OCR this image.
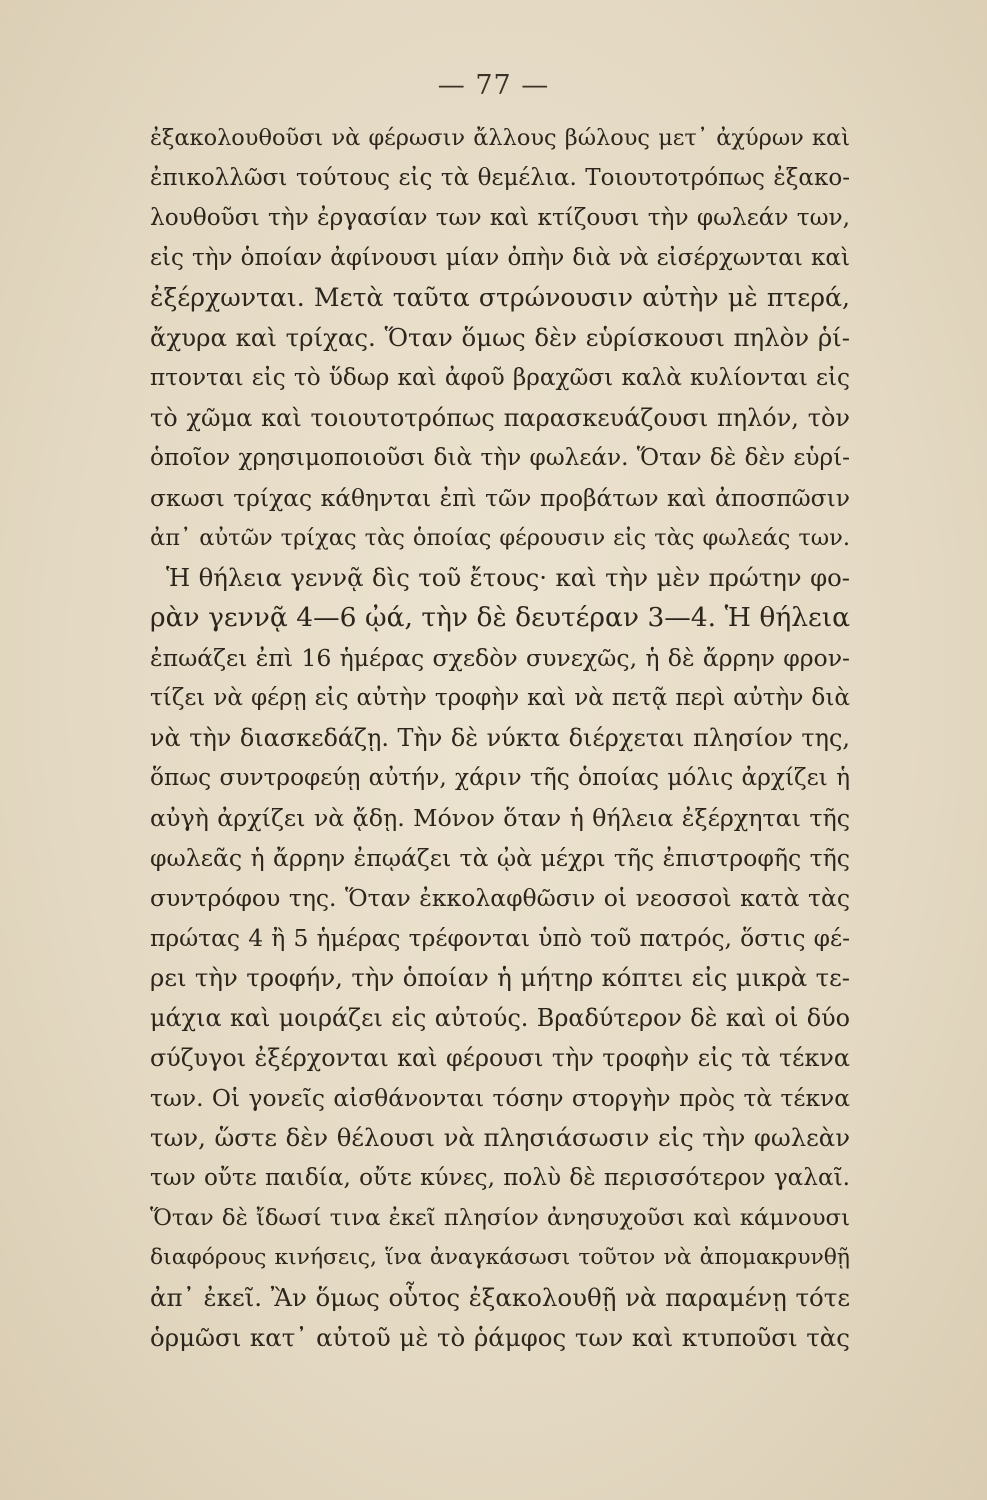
— 77 —
ἐξακολουθοῦσι νὰ φέρωσιν ἄλλους βώλους μετ᾽ ἀχύρων καὶ
ἐπικολλῶσι τούτους εἰς τὰ θεμέλια. Τοιουτοτρόπως ἐξακο-
λουθοῦσι τὴν ἐργασίαν των καὶ κτίζουσι τὴν φωλεάν των,
εἰς τὴν ὁποίαν ἀφίνουσι μίαν ὀπὴν διὰ νὰ εἰσέρχωνται καὶ
ἐξέρχωνται. Μετὰ ταῦτα στρώνουσιν αὐτὴν μὲ πτερά,
ἄχυρα καὶ τρίχας. Ὅταν ὅμως δὲν εὑρίσκουσι πηλὸν ῥί-
πτονται εἰς τὸ ὕδωρ καὶ ἀφοῦ βραχῶσι καλὰ κυλίονται εἰς
τὸ χῶμα καὶ τοιουτοτρόπως παρασκευάζουσι πηλόν, τὸν
ὁποῖον χρησιμοποιοῦσι διὰ τὴν φωλεάν. Ὅταν δὲ δὲν εὑρί-
σκωσι τρίχας κάθηνται ἐπὶ τῶν προβάτων καὶ ἀποσπῶσιν
ἀπ᾽ αὐτῶν τρίχας τὰς ὁποίας φέρουσιν εἰς τὰς φωλεάς των.
Ἡ θήλεια γεννᾷ δὶς τοῦ ἔτους· καὶ τὴν μὲν πρώτην φο-
ρὰν γεννᾷ 4—6 ᾠά, τὴν δὲ δευτέραν 3—4. Ἡ θήλεια
ἐπωάζει ἐπὶ 16 ἡμέρας σχεδὸν συνεχῶς, ἡ δὲ ἄρρην φρον-
τίζει νὰ φέρῃ εἰς αὐτὴν τροφὴν καὶ νὰ πετᾷ περὶ αὐτὴν διὰ
νὰ τὴν διασκεδάζῃ. Τὴν δὲ νύκτα διέρχεται πλησίον της,
ὅπως συντροφεύῃ αὐτήν, χάριν τῆς ὁποίας μόλις ἀρχίζει ἡ
αὐγὴ ἀρχίζει νὰ ᾄδῃ. Μόνον ὅταν ἡ θήλεια ἐξέρχηται τῆς
φωλεᾶς ἡ ἄρρην ἐπῳάζει τὰ ᾠὰ μέχρι τῆς ἐπιστροφῆς τῆς
συντρόφου της. Ὅταν ἐκκολαφθῶσιν οἱ νεοσσοὶ κατὰ τὰς
πρώτας 4 ἢ 5 ἡμέρας τρέφονται ὑπὸ τοῦ πατρός, ὅστις φέ-
ρει τὴν τροφήν, τὴν ὁποίαν ἡ μήτηρ κόπτει εἰς μικρὰ τε-
μάχια καὶ μοιράζει εἰς αὐτούς. Βραδύτερον δὲ καὶ οἱ δύο
σύζυγοι ἐξέρχονται καὶ φέρουσι τὴν τροφὴν εἰς τὰ τέκνα
των. Οἱ γονεῖς αἰσθάνονται τόσην στοργὴν πρὸς τὰ τέκνα
των, ὥστε δὲν θέλουσι νὰ πλησιάσωσιν εἰς τὴν φωλεὰν
των οὔτε παιδία, οὔτε κύνες, πολὺ δὲ περισσότερον γαλαῖ.
Ὅταν δὲ ἴδωσί τινα ἐκεῖ πλησίον ἀνησυχοῦσι καὶ κάμνουσι
διαφόρους κινήσεις, ἵνα ἀναγκάσωσι τοῦτον νὰ ἀπομακρυνθῇ
ἀπ᾽ ἐκεῖ. Ἂν ὅμως οὗτος ἐξακολουθῇ νὰ παραμένῃ τότε
ὁρμῶσι κατ᾽ αὐτοῦ μὲ τὸ ῥάμφος των καὶ κτυποῦσι τὰς
